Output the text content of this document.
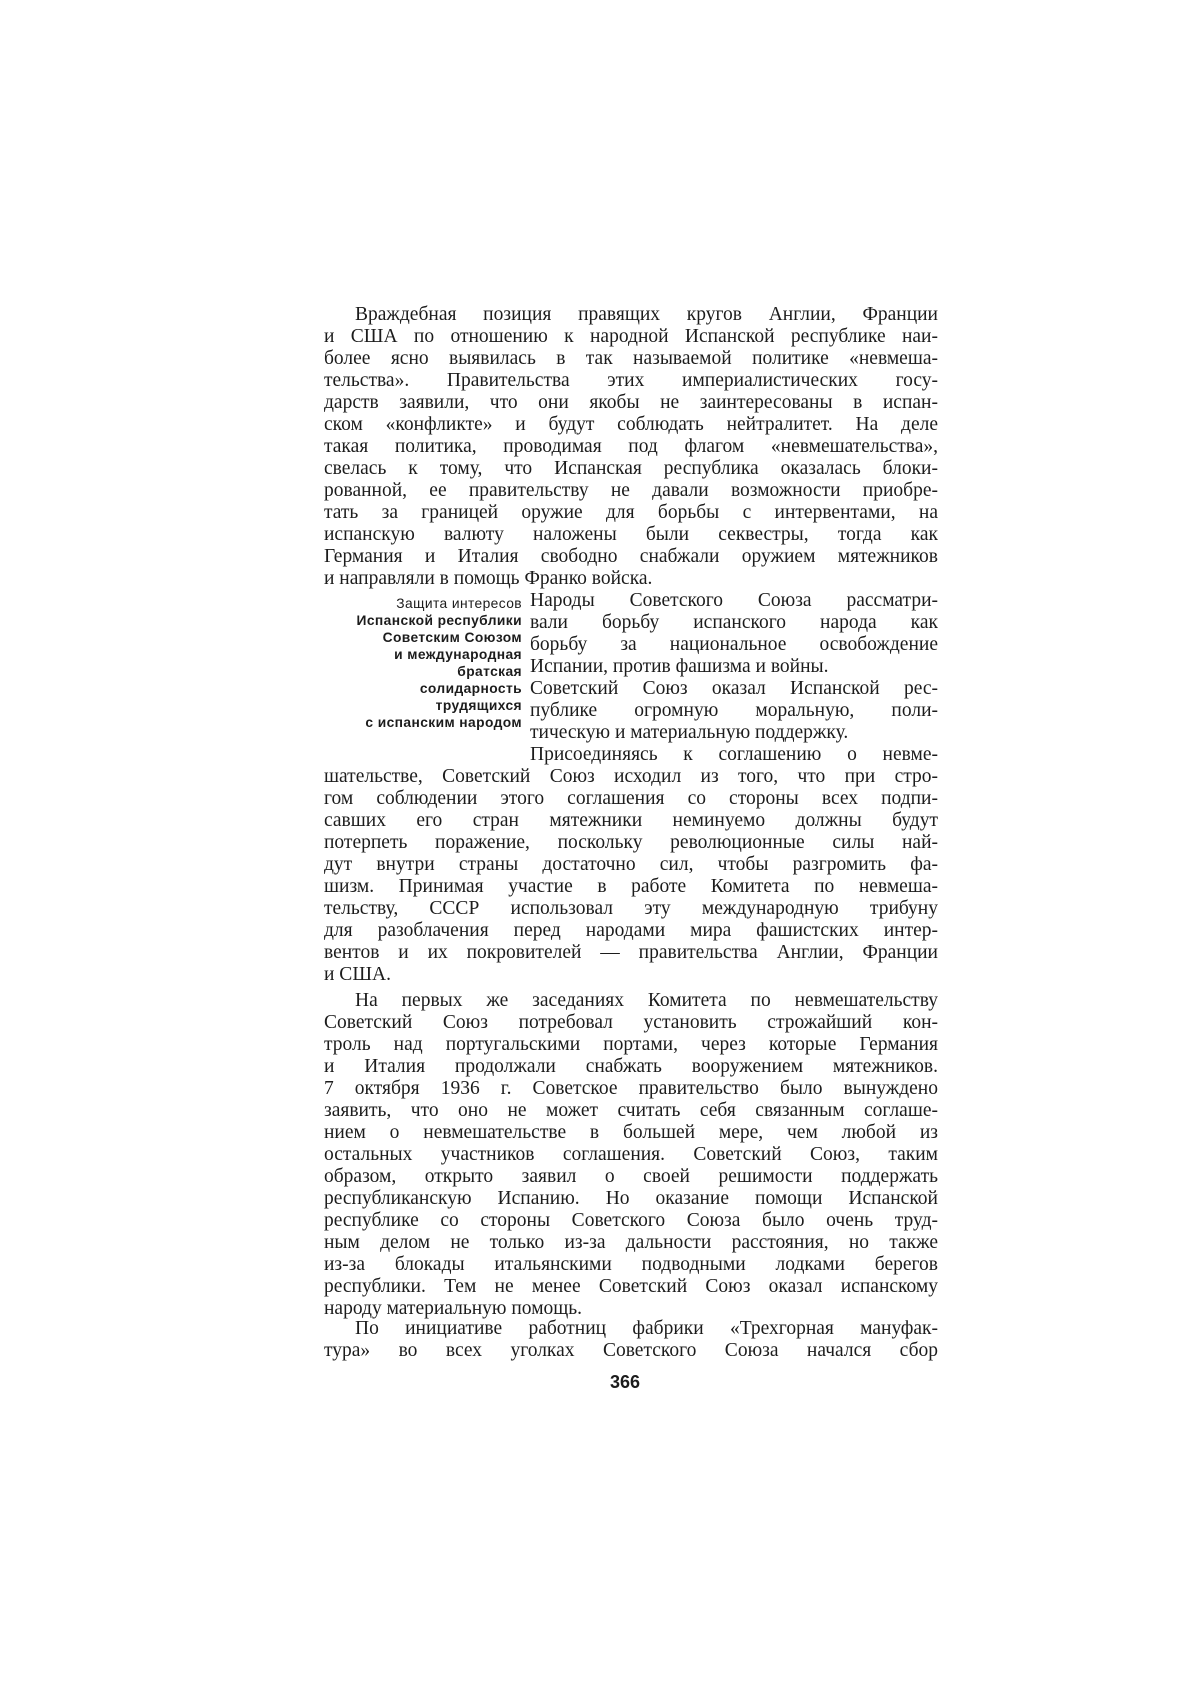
Враждебная позиция правящих кругов Англии, Франции
и США по отношению к народной Испанской республике наи-
более ясно выявилась в так называемой политике «невмеша-
тельства». Правительства этих империалистических госу-
дарств заявили, что они якобы не заинтересованы в испан-
ском «конфликте» и будут соблюдать нейтралитет. На деле
такая политика, проводимая под флагом «невмешательства»,
свелась к тому, что Испанская республика оказалась блоки-
рованной, ее правительству не давали возможности приобре-
тать за границей оружие для борьбы с интервентами, на
испанскую валюту наложены были секвестры, тогда как
Германия и Италия свободно снабжали оружием мятежников
и направляли в помощь Франко войска.
Защита интересов
Испанской республики
Советским Союзом
и международная
братская
солидарность
трудящихся
с испанским народом
Народы Советского Союза рассматри-
вали борьбу испанского народа как
борьбу за национальное освобождение
Испании, против фашизма и войны.
Советский Союз оказал Испанской рес-
публике огромную моральную, поли-
тическую и материальную поддержку.
Присоединяясь к соглашению о невме-
шательстве, Советский Союз исходил из того, что при стро-
гом соблюдении этого соглашения со стороны всех подпи-
савших его стран мятежники неминуемо должны будут
потерпеть поражение, поскольку революционные силы най-
дут внутри страны достаточно сил, чтобы разгромить фа-
шизм. Принимая участие в работе Комитета по невмеша-
тельству, СССР использовал эту международную трибуну
для разоблачения перед народами мира фашистских интер-
вентов и их покровителей — правительства Англии, Франции
и США.
На первых же заседаниях Комитета по невмешательству
Советский Союз потребовал установить строжайший кон-
троль над португальскими портами, через которые Германия
и Италия продолжали снабжать вооружением мятежников.
7 октября 1936 г. Советское правительство было вынуждено
заявить, что оно не может считать себя связанным соглаше-
нием о невмешательстве в большей мере, чем любой из
остальных участников соглашения. Советский Союз, таким
образом, открыто заявил о своей решимости поддержать
республиканскую Испанию. Но оказание помощи Испанской
республике со стороны Советского Союза было очень труд-
ным делом не только из-за дальности расстояния, но также
из-за блокады итальянскими подводными лодками берегов
республики. Тем не менее Советский Союз оказал испанскому
народу материальную помощь.
По инициативе работниц фабрики «Трехгорная мануфак-
тура» во всех уголках Советского Союза начался сбор
366
